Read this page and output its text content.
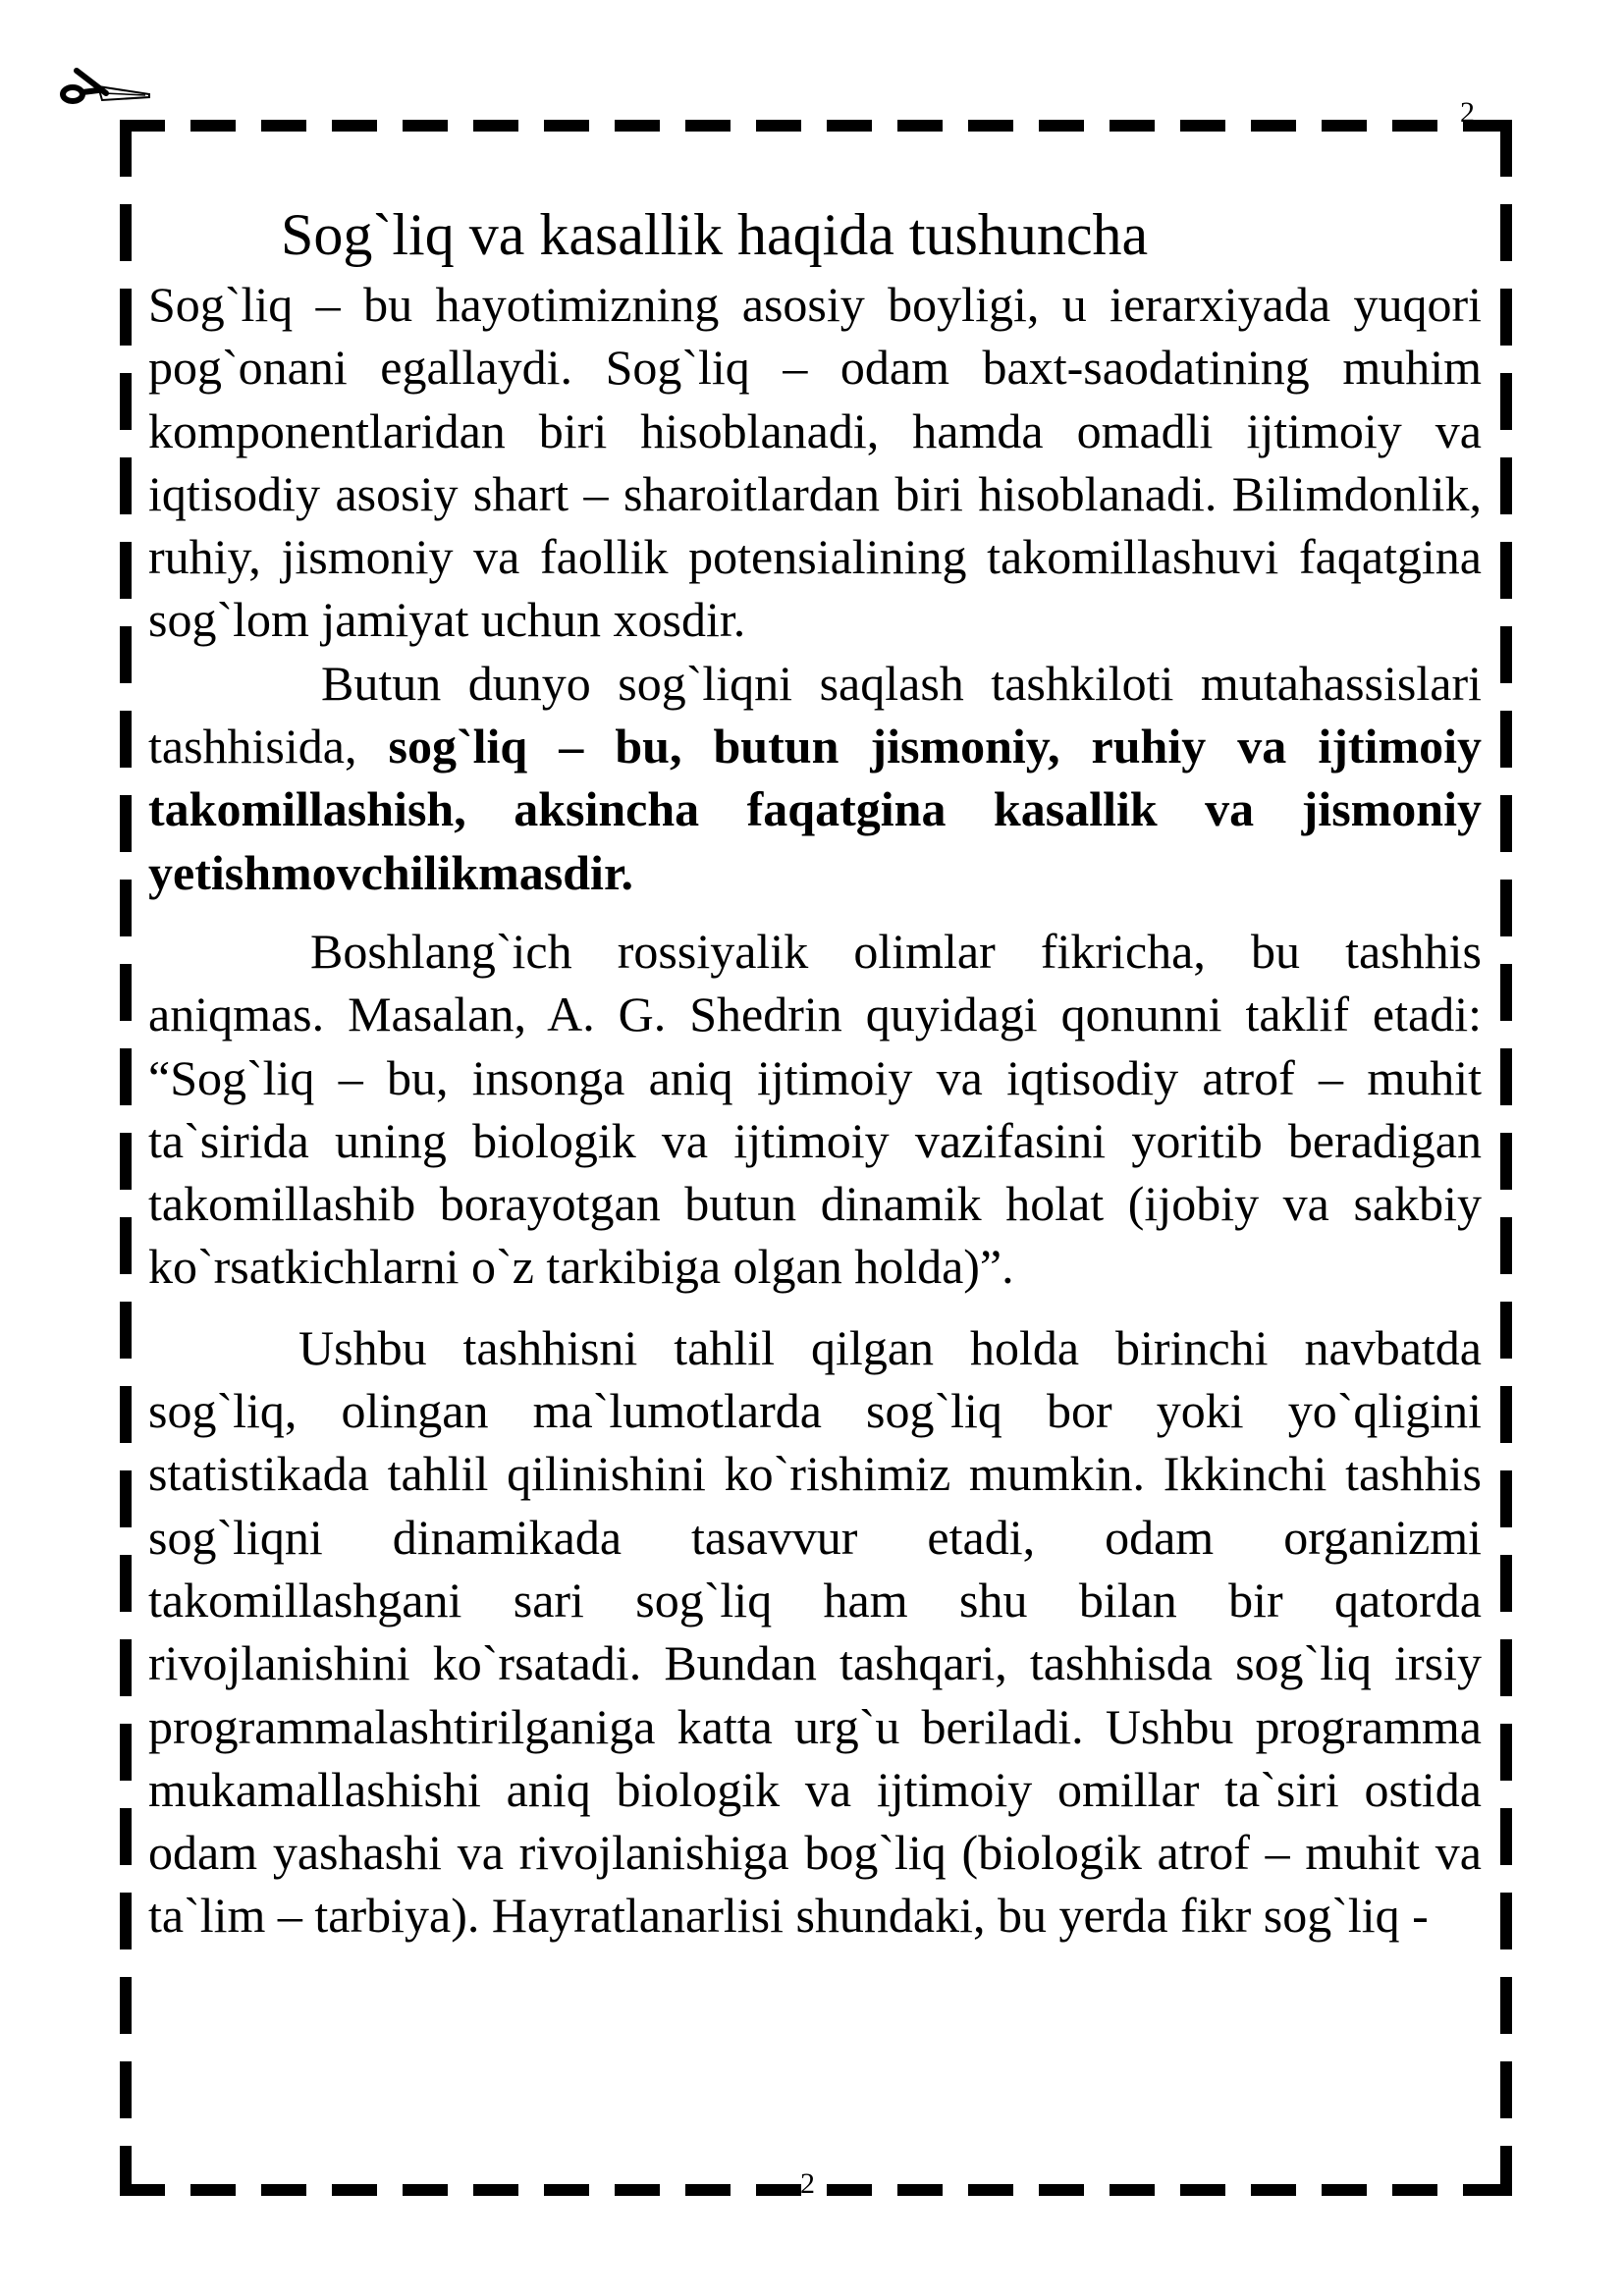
2
Sog`liq va kasallik haqida tushuncha

Sog`liq – bu hayotimizning asosiy boyligi, u ierarxiyada yuqori pog`onani egallaydi. Sog`liq – odam baxt-saodatining muhim komponentlaridan biri hisoblanadi, hamda omadli ijtimoiy va iqtisodiy asosiy shart – sharoitlardan biri hisoblanadi. Bilimdonlik, ruhiy, jismoniy va faollik potensialining takomillashuvi faqatgina sog`lom jamiyat uchun xosdir.

Butun dunyo sog`liqni saqlash tashkiloti mutahassislari tashhisida, sog`liq – bu, butun jismoniy, ruhiy va ijtimoiy takomillashish, aksincha faqatgina kasallik va jismoniy yetishmovchilikmasdir.

Boshlang`ich rossiyalik olimlar fikricha, bu tashhis aniqmas. Masalan, A. G. Shedrin quyidagi qonunni taklif etadi: “Sog`liq – bu, insonga aniq ijtimoiy va iqtisodiy atrof – muhit ta`sirida uning biologik va ijtimoiy vazifasini yoritib beradigan takomillashib borayotgan butun dinamik holat (ijobiy va sakbiy ko`rsatkichlarni o`z tarkibiga olgan holda)”.

Ushbu tashhisni tahlil qilgan holda birinchi navbatda sog`liq, olingan ma`lumotlarda sog`liq bor yoki yo`qligini statistikada tahlil qilinishini ko`rishimiz mumkin. Ikkinchi tashhis sog`liqni dinamikada tasavvur etadi, odam organizmi takomillashgani sari sog`liq ham shu bilan bir qatorda rivojlanishini ko`rsatadi. Bundan tashqari, tashhisda sog`liq irsiy programmalashtirilganiga katta urg`u beriladi. Ushbu programma mukamallashishi aniq biologik va ijtimoiy omillar ta`siri ostida odam yashashi va rivojlanishiga bog`liq (biologik atrof – muhit va ta`lim – tarbiya). Hayratlanarlisi shundaki, bu yerda fikr sog`liq -

2
